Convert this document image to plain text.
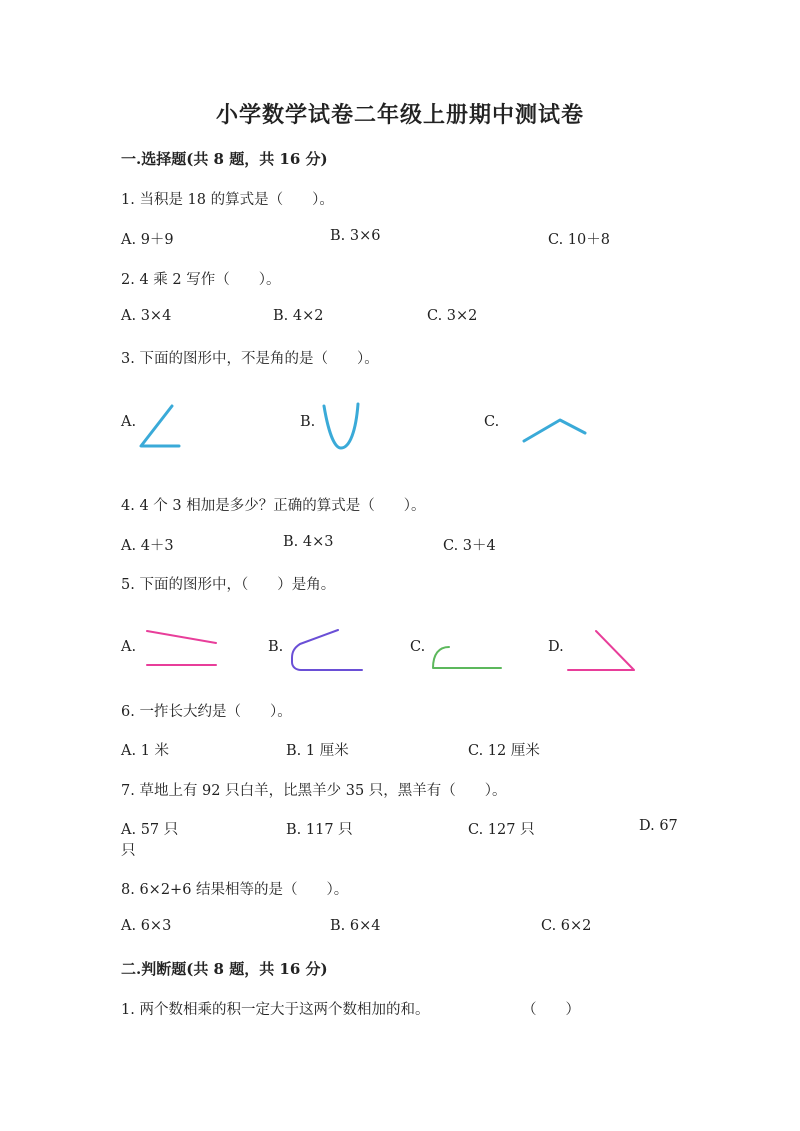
小学数学试卷二年级上册期中测试卷
一.选择题(共 8 题，共 16 分)
1. 当积是 18 的算式是（　　）。
A. 9＋9	B. 3×6	C. 10＋8
2. 4 乘 2 写作（　　）。
A. 3×4	B. 4×2	C. 3×2
3. 下面的图形中，不是角的是（　　）。
A.	B.	C.
4. 4 个 3 相加是多少？正确的算式是（　　）。
A. 4＋3	B. 4×3	C. 3＋4
5. 下面的图形中，（　　）是角。
A.	B.	C.	D.
6. 一拃长大约是（　　）。
A. 1 米	B. 1 厘米	C. 12 厘米
7. 草地上有 92 只白羊，比黑羊少 35 只，黑羊有（　　）。
A. 57 只	B. 117 只	C. 127 只	D. 67
只
8. 6×2+6 结果相等的是（　　）。
A. 6×3	B. 6×4	C. 6×2
二.判断题(共 8 题，共 16 分)
1. 两个数相乘的积一定大于这两个数相加的和。	（　　）
